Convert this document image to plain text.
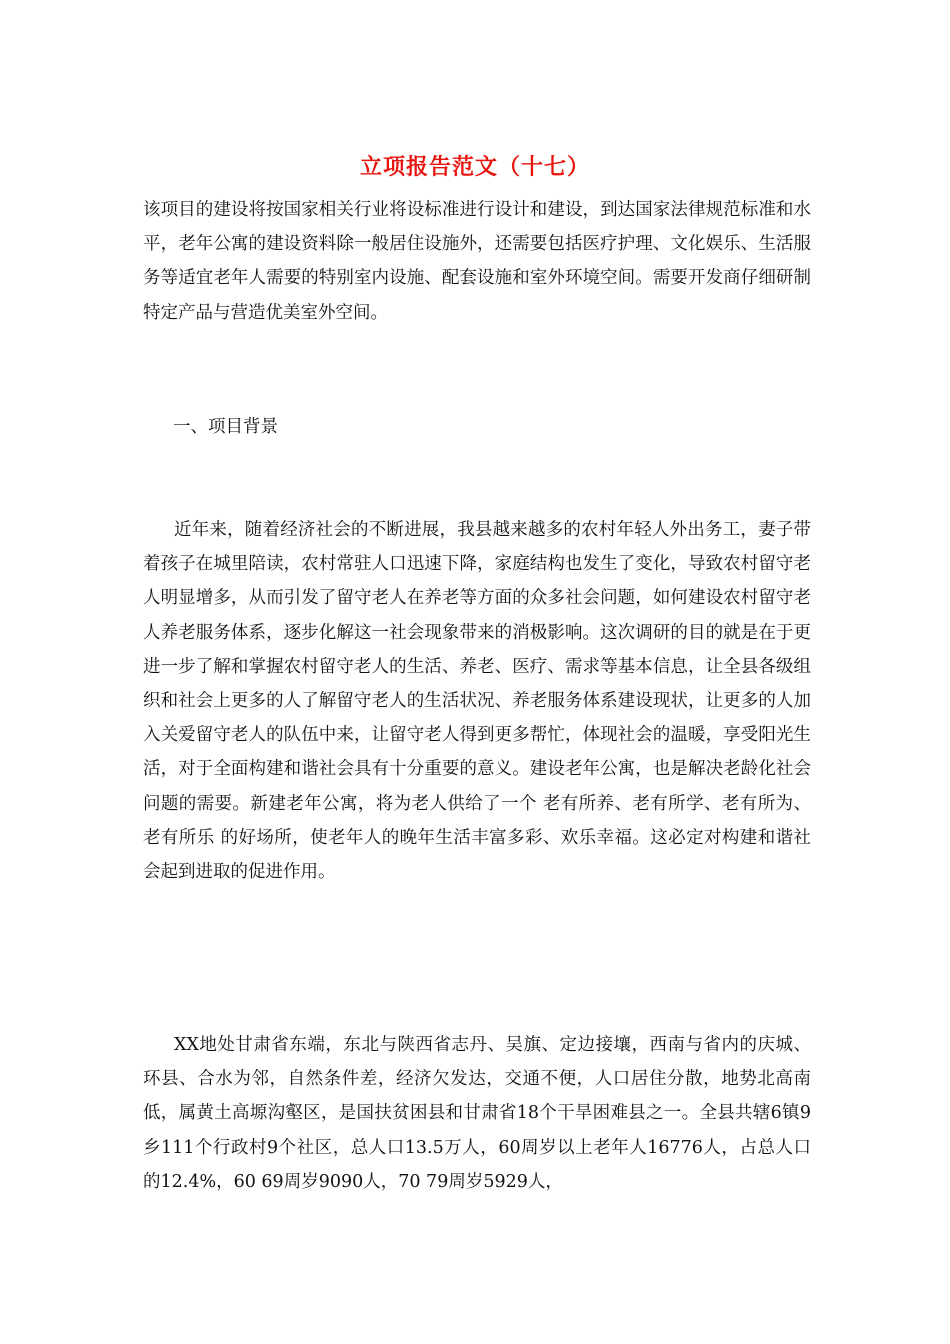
立项报告范文（十七）

该项目的建设将按国家相关行业将设标准进行设计和建设，到达国家法律规范标准和水平，老年公寓的建设资料除一般居住设施外，还需要包括医疗护理、文化娱乐、生活服务等适宜老年人需要的特别室内设施、配套设施和室外环境空间。需要开发商仔细研制特定产品与营造优美室外空间。

一、项目背景

近年来，随着经济社会的不断进展，我县越来越多的农村年轻人外出务工，妻子带着孩子在城里陪读，农村常驻人口迅速下降，家庭结构也发生了变化，导致农村留守老人明显增多，从而引发了留守老人在养老等方面的众多社会问题，如何建设农村留守老人养老服务体系，逐步化解这一社会现象带来的消极影响。这次调研的目的就是在于更进一步了解和掌握农村留守老人的生活、养老、医疗、需求等基本信息，让全县各级组织和社会上更多的人了解留守老人的生活状况、养老服务体系建设现状，让更多的人加入关爱留守老人的队伍中来，让留守老人得到更多帮忙，体现社会的温暖，享受阳光生活，对于全面构建和谐社会具有十分重要的意义。建设老年公寓，也是解决老龄化社会问题的需要。新建老年公寓，将为老人供给了一个 老有所养、老有所学、老有所为、老有所乐 的好场所，使老年人的晚年生活丰富多彩、欢乐幸福。这必定对构建和谐社会起到进取的促进作用。

XX地处甘肃省东端，东北与陕西省志丹、吴旗、定边接壤，西南与省内的庆城、环县、合水为邻，自然条件差，经济欠发达，交通不便，人口居住分散，地势北高南低，属黄土高塬沟壑区，是国扶贫困县和甘肃省18个干旱困难县之一。全县共辖6镇9乡111个行政村9个社区，总人口13.5万人，60周岁以上老年人16776人，占总人口的12.4%，60 69周岁9090人，70 79周岁5929人，
